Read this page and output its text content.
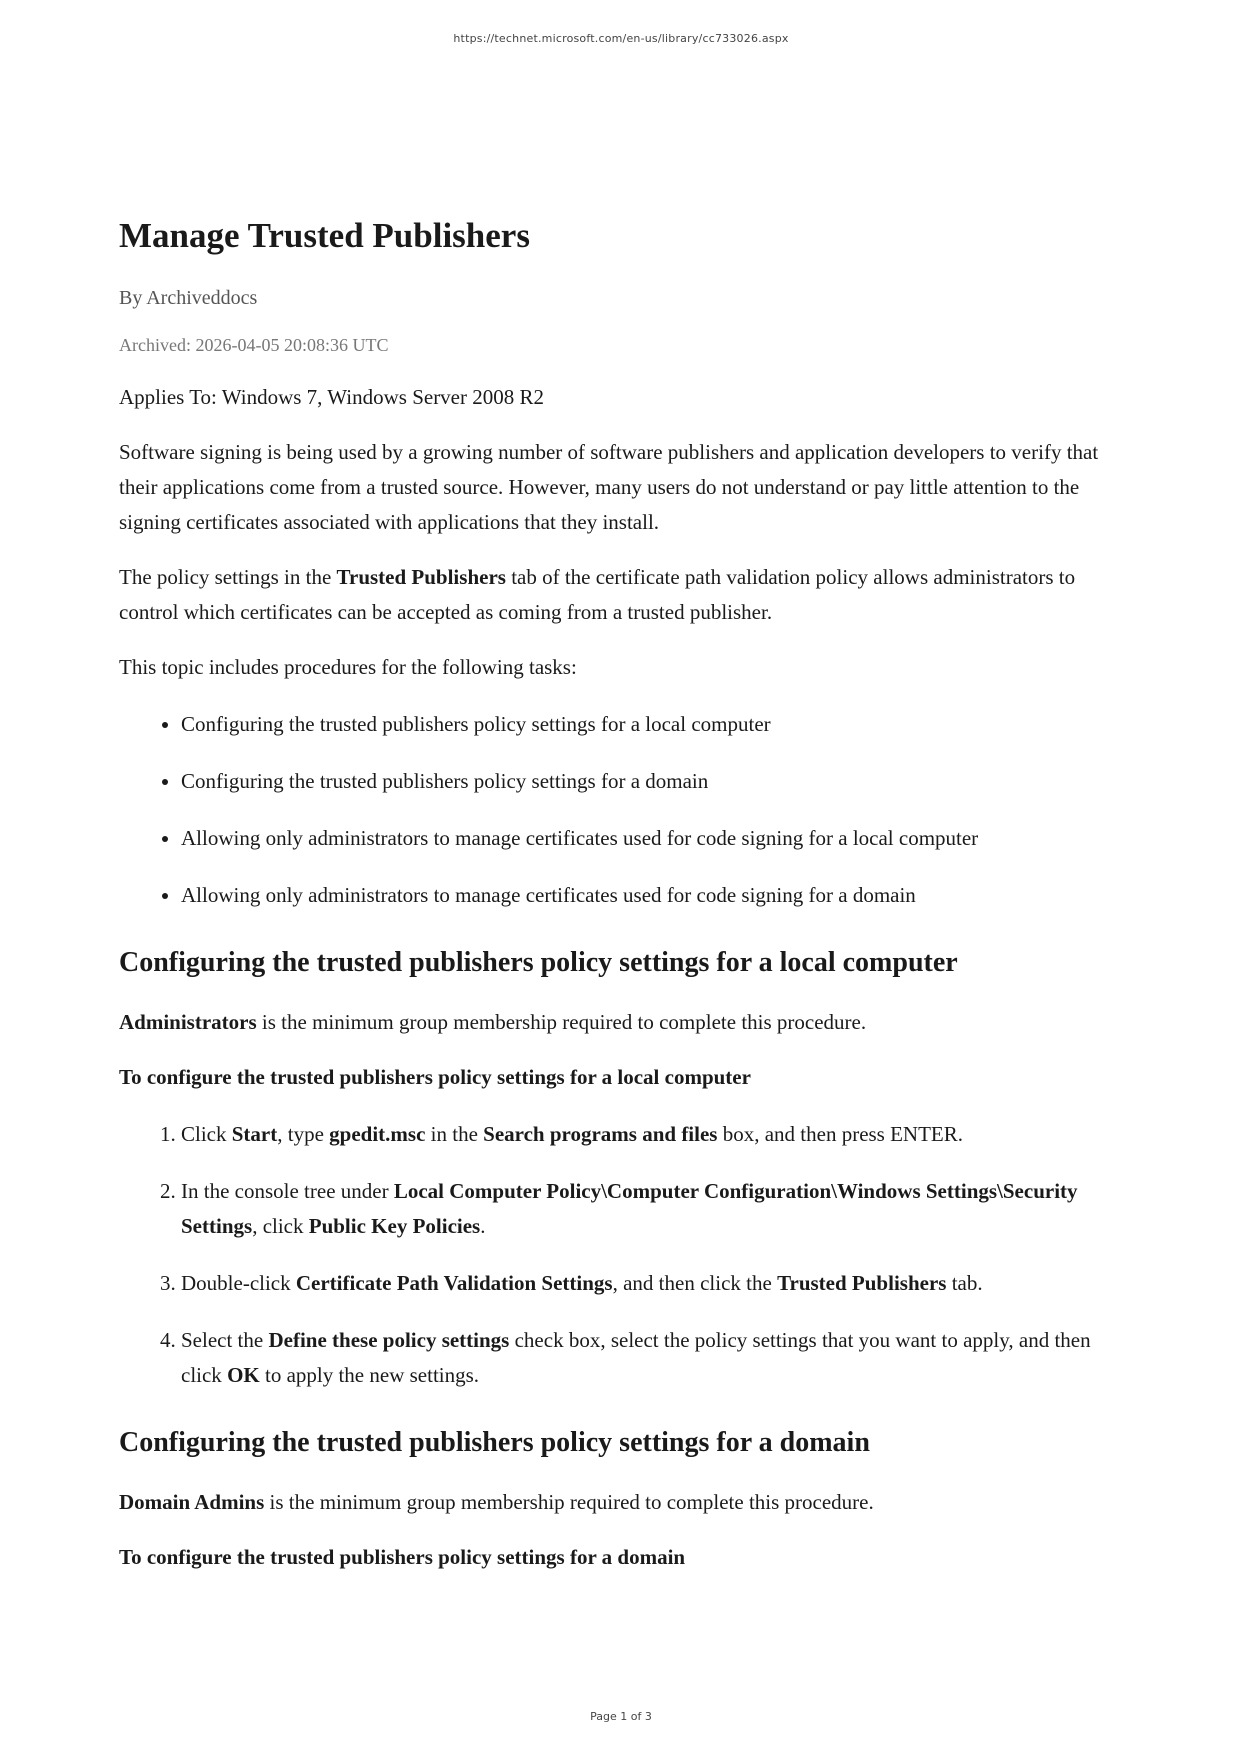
https://technet.microsoft.com/en-us/library/cc733026.aspx
Manage Trusted Publishers
By Archiveddocs
Archived: 2026-04-05 20:08:36 UTC

Applies To: Windows 7, Windows Server 2008 R2

Software signing is being used by a growing number of software publishers and application developers to verify that their applications come from a trusted source. However, many users do not understand or pay little attention to the signing certificates associated with applications that they install.

The policy settings in the Trusted Publishers tab of the certificate path validation policy allows administrators to control which certificates can be accepted as coming from a trusted publisher.

This topic includes procedures for the following tasks:

• Configuring the trusted publishers policy settings for a local computer
• Configuring the trusted publishers policy settings for a domain
• Allowing only administrators to manage certificates used for code signing for a local computer
• Allowing only administrators to manage certificates used for code signing for a domain
Configuring the trusted publishers policy settings for a local computer

Administrators is the minimum group membership required to complete this procedure.

To configure the trusted publishers policy settings for a local computer

1. Click Start, type gpedit.msc in the Search programs and files box, and then press ENTER.
2. In the console tree under Local Computer Policy\Computer Configuration\Windows Settings\Security Settings, click Public Key Policies.
3. Double-click Certificate Path Validation Settings, and then click the Trusted Publishers tab.
4. Select the Define these policy settings check box, select the policy settings that you want to apply, and then click OK to apply the new settings.
Configuring the trusted publishers policy settings for a domain

Domain Admins is the minimum group membership required to complete this procedure.

To configure the trusted publishers policy settings for a domain

Page 1 of 3
